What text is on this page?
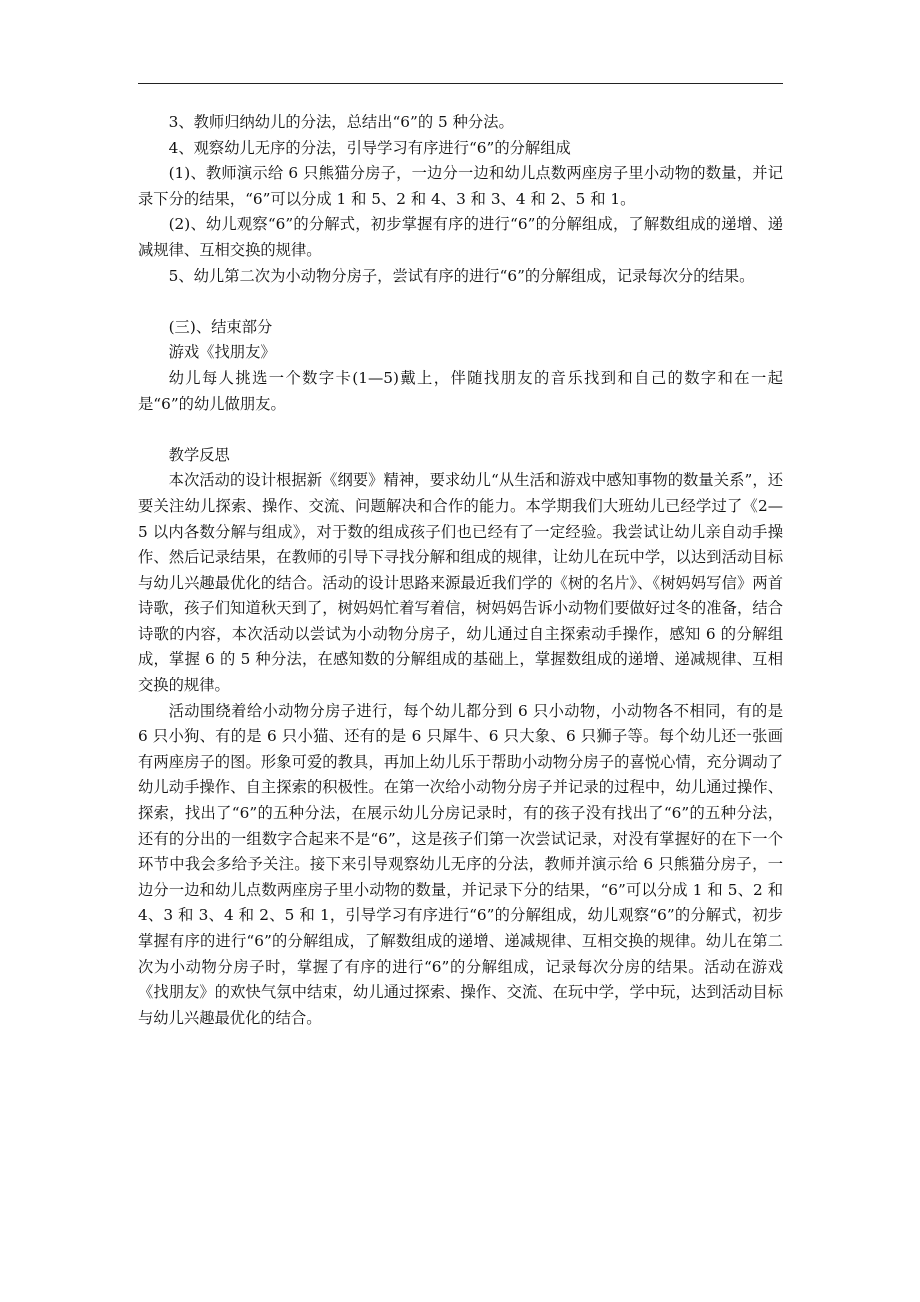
3、教师归纳幼儿的分法，总结出“6”的 5 种分法。

4、观察幼儿无序的分法，引导学习有序进行“6”的分解组成

(1)、教师演示给 6 只熊猫分房子，一边分一边和幼儿点数两座房子里小动物的数量，并记录下分的结果，“6”可以分成 1 和 5、2 和 4、3 和 3、4 和 2、5 和 1。

(2)、幼儿观察“6”的分解式，初步掌握有序的进行“6”的分解组成，了解数组成的递增、递减规律、互相交换的规律。

5、幼儿第二次为小动物分房子，尝试有序的进行“6”的分解组成，记录每次分的结果。

(三)、结束部分

游戏《找朋友》

幼儿每人挑选一个数字卡(1—5)戴上，伴随找朋友的音乐找到和自己的数字和在一起是“6”的幼儿做朋友。

教学反思

本次活动的设计根据新《纲要》精神，要求幼儿“从生活和游戏中感知事物的数量关系”，还要关注幼儿探索、操作、交流、问题解决和合作的能力。本学期我们大班幼儿已经学过了《2—5 以内各数分解与组成》，对于数的组成孩子们也已经有了一定经验。我尝试让幼儿亲自动手操作、然后记录结果，在教师的引导下寻找分解和组成的规律，让幼儿在玩中学，以达到活动目标与幼儿兴趣最优化的结合。活动的设计思路来源最近我们学的《树的名片》、《树妈妈写信》两首诗歌，孩子们知道秋天到了，树妈妈忙着写着信，树妈妈告诉小动物们要做好过冬的准备，结合诗歌的内容，本次活动以尝试为小动物分房子，幼儿通过自主探索动手操作，感知 6 的分解组成，掌握 6 的 5 种分法，在感知数的分解组成的基础上，掌握数组成的递增、递减规律、互相交换的规律。

活动围绕着给小动物分房子进行，每个幼儿都分到 6 只小动物，小动物各不相同，有的是 6 只小狗、有的是 6 只小猫、还有的是 6 只犀牛、6 只大象、6 只狮子等。每个幼儿还一张画有两座房子的图。形象可爱的教具，再加上幼儿乐于帮助小动物分房子的喜悦心情，充分调动了幼儿动手操作、自主探索的积极性。在第一次给小动物分房子并记录的过程中，幼儿通过操作、探索，找出了“6”的五种分法，在展示幼儿分房记录时，有的孩子没有找出了“6”的五种分法，还有的分出的一组数字合起来不是“6”，这是孩子们第一次尝试记录，对没有掌握好的在下一个环节中我会多给予关注。接下来引导观察幼儿无序的分法，教师并演示给 6 只熊猫分房子，一边分一边和幼儿点数两座房子里小动物的数量，并记录下分的结果，“6”可以分成 1 和 5、2 和 4、3 和 3、4 和 2、5 和 1，引导学习有序进行“6”的分解组成，幼儿观察“6”的分解式，初步掌握有序的进行“6”的分解组成，了解数组成的递增、递减规律、互相交换的规律。幼儿在第二次为小动物分房子时，掌握了有序的进行“6”的分解组成，记录每次分房的结果。活动在游戏《找朋友》的欢快气氛中结束，幼儿通过探索、操作、交流、在玩中学，学中玩，达到活动目标与幼儿兴趣最优化的结合。
